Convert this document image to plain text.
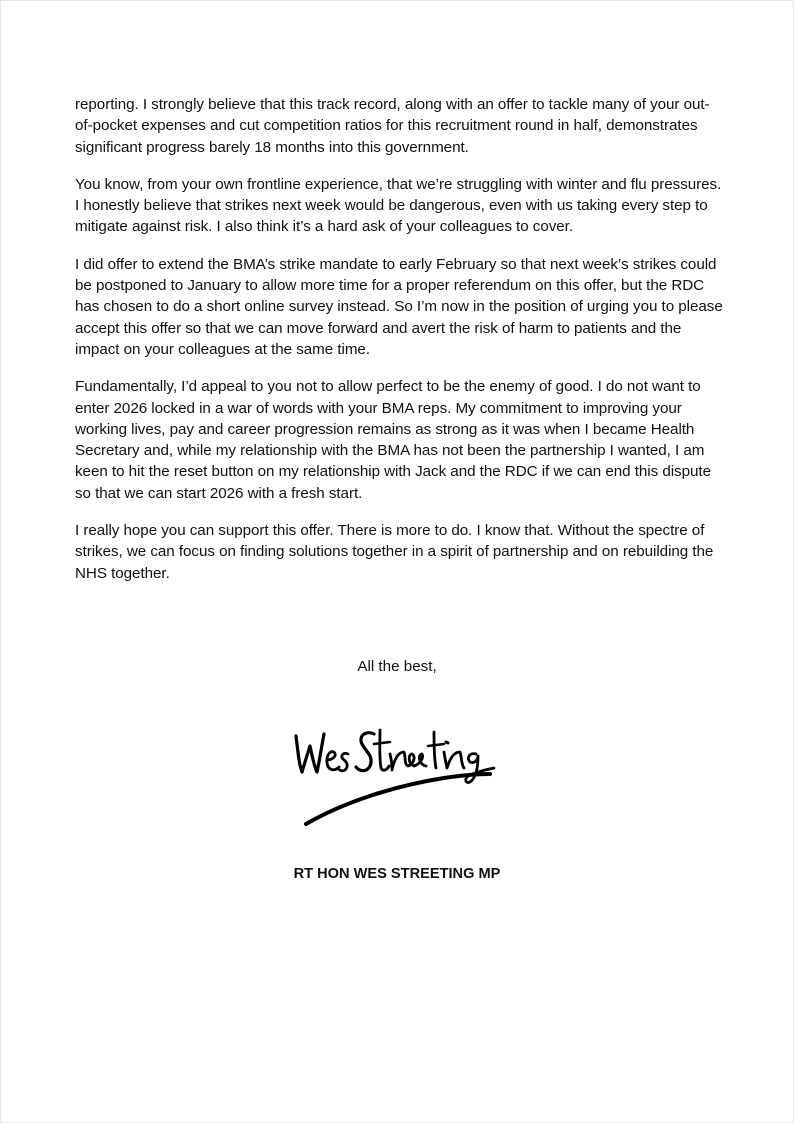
reporting. I strongly believe that this track record, along with an offer to tackle many of your out-of-pocket expenses and cut competition ratios for this recruitment round in half, demonstrates significant progress barely 18 months into this government.

You know, from your own frontline experience, that we’re struggling with winter and flu pressures. I honestly believe that strikes next week would be dangerous, even with us taking every step to mitigate against risk. I also think it’s a hard ask of your colleagues to cover.

I did offer to extend the BMA’s strike mandate to early February so that next week’s strikes could be postponed to January to allow more time for a proper referendum on this offer, but the RDC has chosen to do a short online survey instead. So I’m now in the position of urging you to please accept this offer so that we can move forward and avert the risk of harm to patients and the impact on your colleagues at the same time.

Fundamentally, I’d appeal to you not to allow perfect to be the enemy of good. I do not want to enter 2026 locked in a war of words with your BMA reps. My commitment to improving your working lives, pay and career progression remains as strong as it was when I became Health Secretary and, while my relationship with the BMA has not been the partnership I wanted, I am keen to hit the reset button on my relationship with Jack and the RDC if we can end this dispute so that we can start 2026 with a fresh start.

I really hope you can support this offer. There is more to do. I know that. Without the spectre of strikes, we can focus on finding solutions together in a spirit of partnership and on rebuilding the NHS together.

All the best,
RT HON WES STREETING MP
